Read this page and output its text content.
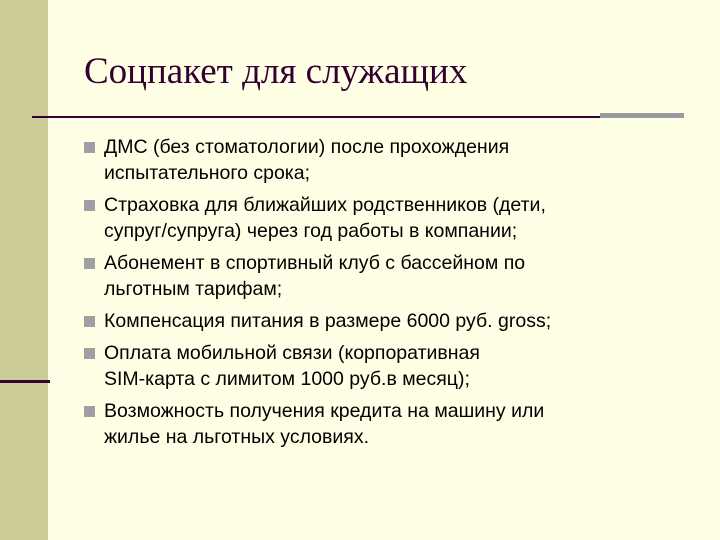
Соцпакет для служащих
ДМС (без стоматологии) после прохождения
испытательного срока;
Страховка для ближайших родственников (дети,
супруг/супруга) через год работы в компании;
Абонемент в спортивный клуб с бассейном по
льготным тарифам;
Компенсация питания в размере 6000 руб. gross;
Оплата мобильной связи (корпоративная
SIM-карта с лимитом 1000 руб.в месяц);
Возможность получения кредита на машину или
жилье на льготных условиях.
